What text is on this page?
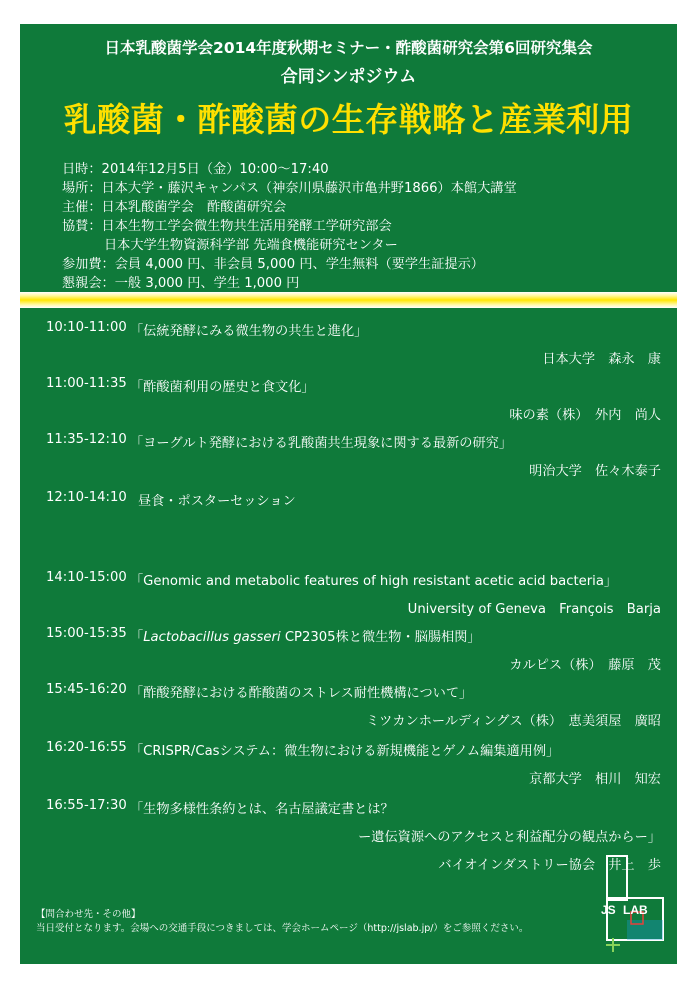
日本乳酸菌学会2014年度秋期セミナー・酢酸菌研究会第6回研究集会
合同シンポジウム
乳酸菌・酢酸菌の生存戦略と産業利用
日時：2014年12月5日（金）10:00～17:40
場所：日本大学・藤沢キャンパス（神奈川県藤沢市亀井野1866）本館大講堂
主催：日本乳酸菌学会　酢酸菌研究会
協賛：日本生物工学会微生物共生活用発酵工学研究部会
日本大学生物資源科学部 先端食機能研究センター
参加費：会員 4,000 円、非会員 5,000 円、学生無料（要学生証提示）
懇親会：一般 3,000 円、学生 1,000 円
10:10-11:00 「伝統発酵にみる微生物の共生と進化」
日本大学　森永　康
11:00-11:35 「酢酸菌利用の歴史と食文化」
味の素（株）　外内　尚人
11:35-12:10 「ヨーグルト発酵における乳酸菌共生現象に関する最新の研究」
明治大学　佐々木泰子
12:10-14:10 昼食・ポスターセッション
14:10-15:00 「Genomic and metabolic features of high resistant acetic acid bacteria」
University of Geneva　François　Barja
15:00-15:35 「Lactobacillus gasseri CP2305株と微生物・脳腸相関」
カルピス（株）　藤原　茂
15:45-16:20 「酢酸発酵における酢酸菌のストレス耐性機構について」
ミツカンホールディングス（株）　恵美須屋　廣昭
16:20-16:55 「CRISPR/Casシステム：微生物における新規機能とゲノム編集適用例」
京都大学　相川　知宏
16:55-17:30 「生物多様性条約とは、名古屋議定書とは？
ー遺伝資源へのアクセスと利益配分の観点からー」
バイオインダストリー協会　井上　歩
【問合わせ先・その他】
当日受付となります。会場への交通手段につきましては、学会ホームページ（http://jslab.jp/）をご参照ください。
JS LAB
